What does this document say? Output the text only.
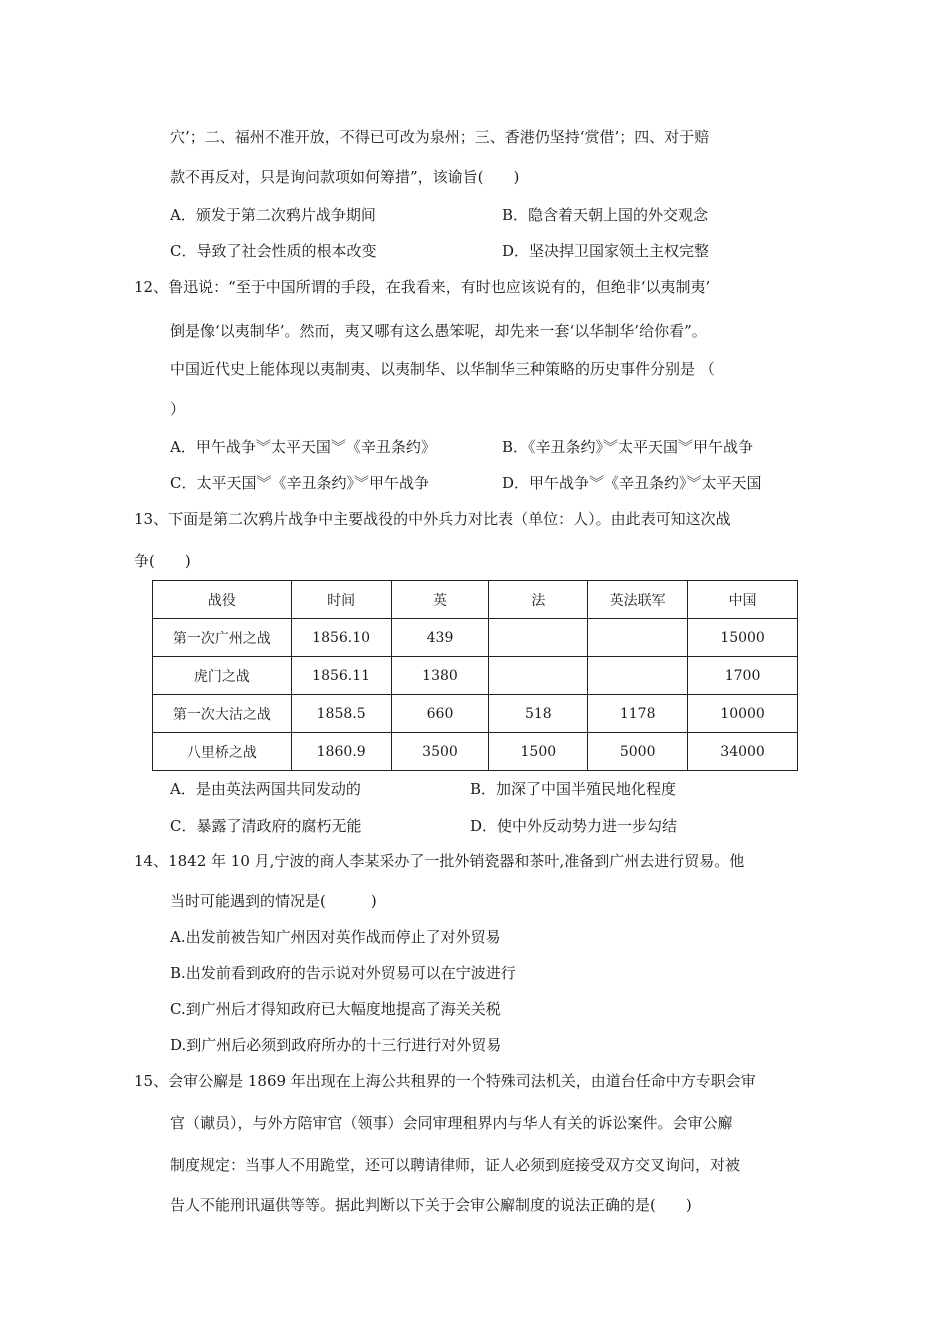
穴’；二、福州不准开放，不得已可改为泉州；三、香港仍坚持‘赏借’；四、对于赔
款不再反对，只是询问款项如何筹措”，该谕旨(　　)
A．颁发于第二次鸦片战争期间	B．隐含着天朝上国的外交观念
C．导致了社会性质的根本改变	D．坚决捍卫国家领土主权完整
12、鲁迅说：“至于中国所谓的手段，在我看来，有时也应该说有的，但绝非‘以夷制夷’
倒是像‘以夷制华’。然而，夷又哪有这么愚笨呢，却先来一套‘以华制华’给你看”。
中国近代史上能体现以夷制夷、以夷制华、以华制华三种策略的历史事件分别是 （
）
A．甲午战争︾太平天国︾《辛丑条约》	B．《辛丑条约》︾太平天国︾甲午战争
C．太平天国︾《辛丑条约》︾甲午战争	D．甲午战争︾《辛丑条约》︾太平天国
13、下面是第二次鸦片战争中主要战役的中外兵力对比表（单位：人）。由此表可知这次战
争(　　)
战役	时间	英	法	英法联军	中国
第一次广州之战	1856.10	439			15000
虎门之战	1856.11	1380			1700
第一次大沽之战	1858.5	660	518	1178	10000
八里桥之战	1860.9	3500	1500	5000	34000
A．是由英法两国共同发动的	B．加深了中国半殖民地化程度
C．暴露了清政府的腐朽无能	D．使中外反动势力进一步勾结
14、1842 年 10 月,宁波的商人李某采办了一批外销瓷器和茶叶,准备到广州去进行贸易。他
当时可能遇到的情况是(　　　)
A.出发前被告知广州因对英作战而停止了对外贸易
B.出发前看到政府的告示说对外贸易可以在宁波进行
C.到广州后才得知政府已大幅度地提高了海关关税
D.到广州后必须到政府所办的十三行进行对外贸易
15、会审公廨是 1869 年出现在上海公共租界的一个特殊司法机关，由道台任命中方专职会审
官（谳员），与外方陪审官（领事）会同审理租界内与华人有关的诉讼案件。会审公廨
制度规定：当事人不用跪堂，还可以聘请律师，证人必须到庭接受双方交叉询问，对被
告人不能刑讯逼供等等。据此判断以下关于会审公廨制度的说法正确的是(　　)
